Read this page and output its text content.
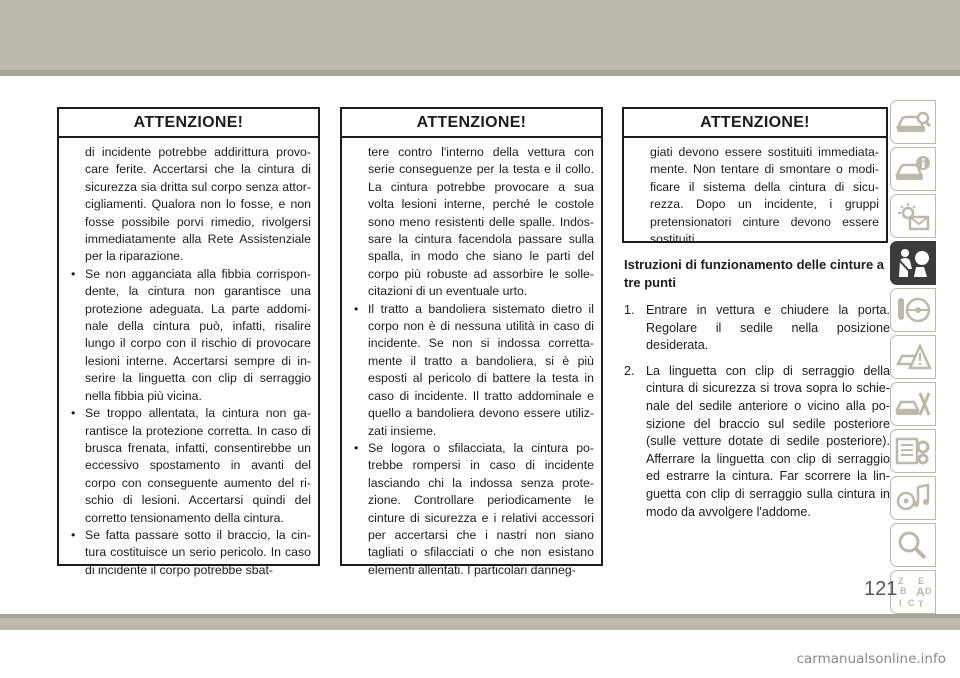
ATTENZIONE!

di incidente potrebbe addirittura provo-care ferite. Accertarsi che la cintura di sicurezza sia dritta sul corpo senza attor-cigliamenti. Qualora non lo fosse, e non fosse possibile porvi rimedio, rivolgersi immediatamente alla Rete Assistenziale per la riparazione.

• Se non agganciata alla fibbia corrispon-dente, la cintura non garantisce una protezione adeguata. La parte addomi-nale della cintura può, infatti, risalire lungo il corpo con il rischio di provocare lesioni interne. Accertarsi sempre di in-serire la linguetta con clip di serraggio nella fibbia più vicina.

• Se troppo allentata, la cintura non ga-rantisce la protezione corretta. In caso di brusca frenata, infatti, consentirebbe un eccessivo spostamento in avanti del corpo con conseguente aumento del ri-schio di lesioni. Accertarsi quindi del corretto tensionamento della cintura.

• Se fatta passare sotto il braccio, la cin-tura costituisce un serio pericolo. In caso di incidente il corpo potrebbe sbat-

ATTENZIONE!

tere contro l'interno della vettura con serie conseguenze per la testa e il collo. La cintura potrebbe provocare a sua volta lesioni interne, perché le costole sono meno resistenti delle spalle. Indos-sare la cintura facendola passare sulla spalla, in modo che siano le parti del corpo più robuste ad assorbire le solle-citazioni di un eventuale urto.

• Il tratto a bandoliera sistemato dietro il corpo non è di nessuna utilità in caso di incidente. Se non si indossa corretta-mente il tratto a bandoliera, si è più esposti al pericolo di battere la testa in caso di incidente. Il tratto addominale e quello a bandoliera devono essere utiliz-zati insieme.

• Se logora o sfilacciata, la cintura po-trebbe rompersi in caso di incidente lasciando chi la indossa senza prote-zione. Controllare periodicamente le cinture di sicurezza e i relativi accessori per accertarsi che i nastri non siano tagliati o sfilacciati o che non esistano elementi allentati. I particolari danneg-

ATTENZIONE!

giati devono essere sostituiti immediata-mente. Non tentare di smontare o modi-ficare il sistema della cintura di sicu-rezza. Dopo un incidente, i gruppi pretensionatori cinture devono essere sostituiti.

Istruzioni di funzionamento delle cinture a tre punti
1. Entrare in vettura e chiudere la porta. Regolare il sedile nella posizione desiderata.
2. La linguetta con clip di serraggio della cintura di sicurezza si trova sopra lo schie-nale del sedile anteriore o vicino alla po-sizione del braccio sul sedile posteriore (sulle vetture dotate di sedile posteriore). Afferrare la linguetta con clip di serraggio ed estrarre la cintura. Far scorrere la lin-guetta con clip di serraggio sulla cintura in modo da avvolgere l'addome.
Z E
B A
C
D
I T
121
carmanualsonline.info
